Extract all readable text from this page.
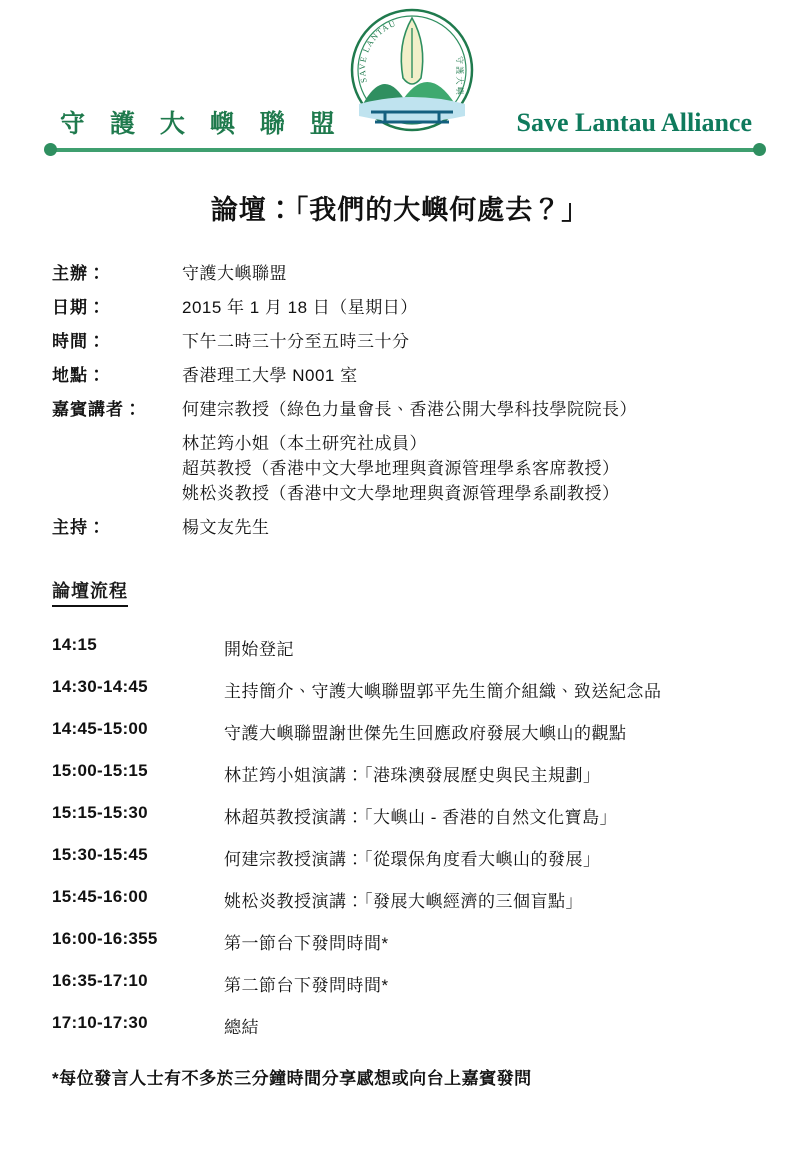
SAVE LANTAU
守 護 大 嶼
守 護 大 嶼 聯 盟	Save Lantau Alliance
論壇：「我們的大嶼何處去？」
主辦：	守護大嶼聯盟
日期：	2015 年 1 月 18 日（星期日）
時間：	下午二時三十分至五時三十分
地點：	香港理工大學 N001 室
嘉賓講者：	何建宗教授（綠色力量會長、香港公開大學科技學院院長）
林芷筠小姐（本土研究社成員）
超英教授（香港中文大學地理與資源管理學系客席教授）
姚松炎教授（香港中文大學地理與資源管理學系副教授）
主持：	楊文友先生
論壇流程
14:15	開始登記
14:30-14:45	主持簡介、守護大嶼聯盟郭平先生簡介組織、致送紀念品
14:45-15:00	守護大嶼聯盟謝世傑先生回應政府發展大嶼山的觀點
15:00-15:15	林芷筠小姐演講：「港珠澳發展歷史與民主規劃」
15:15-15:30	林超英教授演講：「大嶼山 - 香港的自然文化寶島」
15:30-15:45	何建宗教授演講：「從環保角度看大嶼山的發展」
15:45-16:00	姚松炎教授演講：「發展大嶼經濟的三個盲點」
16:00-16:355	第一節台下發問時間*
16:35-17:10	第二節台下發問時間*
17:10-17:30	總結
*每位發言人士有不多於三分鐘時間分享感想或向台上嘉賓發問
